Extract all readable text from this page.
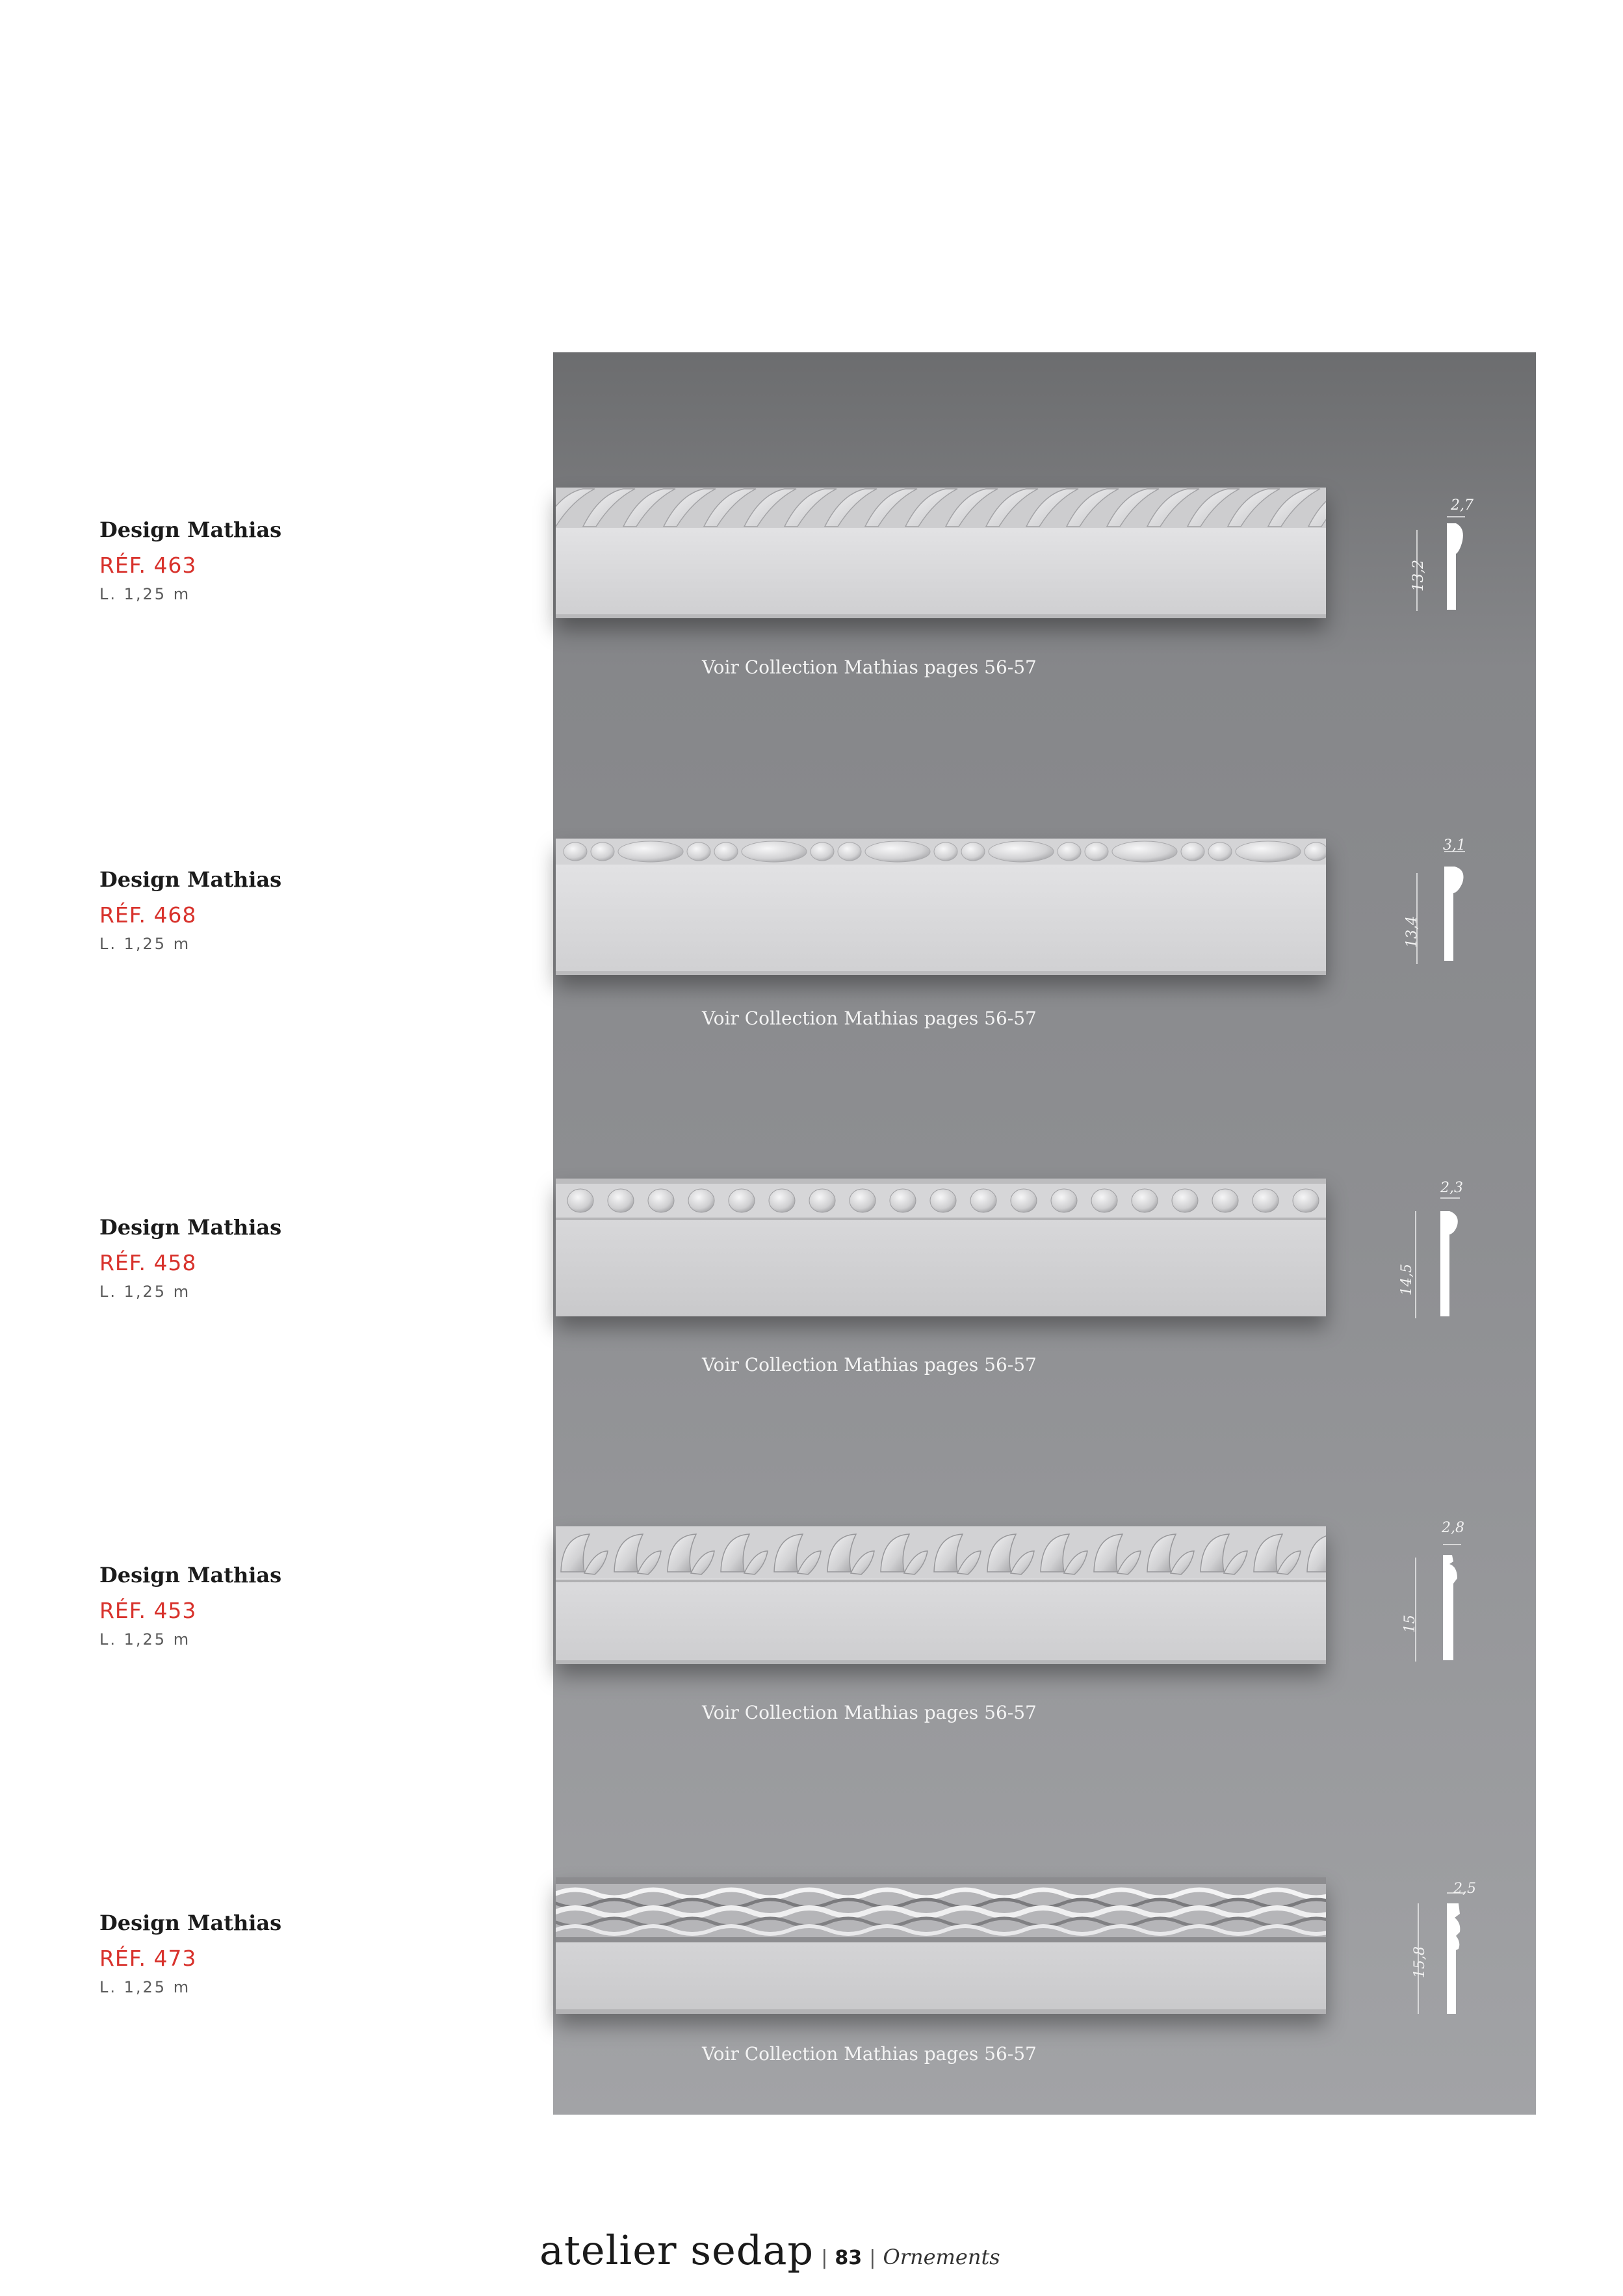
Design Mathias
RÉF. 463
L. 1,25 m
Voir Collection Mathias pages 56-57
2,7
13,2
Design Mathias
RÉF. 468
L. 1,25 m
Voir Collection Mathias pages 56-57
3,1
13,4
Design Mathias
RÉF. 458
L. 1,25 m
Voir Collection Mathias pages 56-57
2,3
14,5
Design Mathias
RÉF. 453
L. 1,25 m
Voir Collection Mathias pages 56-57
2,8
15
Design Mathias
RÉF. 473
L. 1,25 m
Voir Collection Mathias pages 56-57
2,5
15,8
atelier sedap | 83 | Ornements
